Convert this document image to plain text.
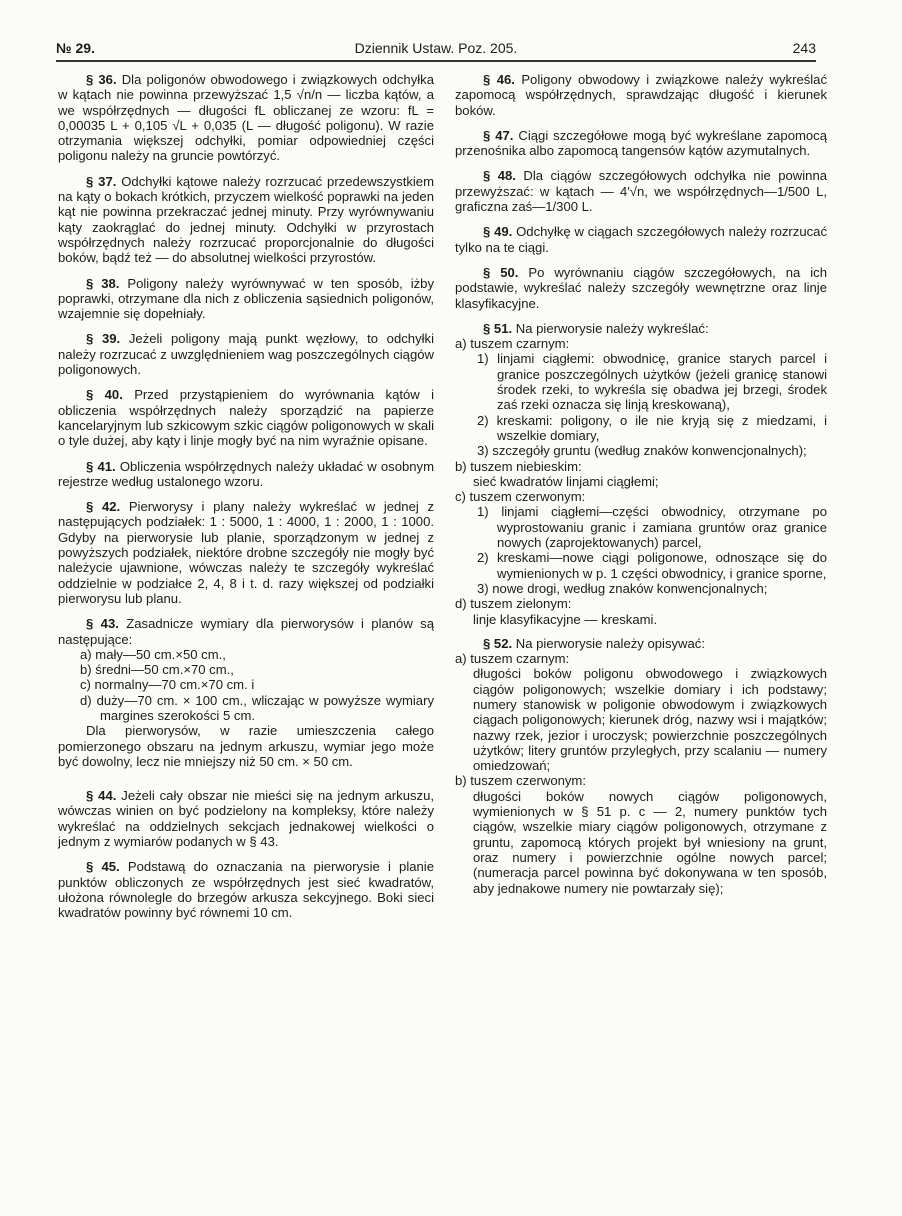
№ 29.	Dziennik Ustaw. Poz. 205.	243

§ 36. Dla poligonów obwodowego i związkowych odchyłka w kątach nie powinna przewyższać 1,5 √n/n — liczba kątów, a we współrzędnych — długości fL obliczanej ze wzoru: fL = 0,00035 L + 0,105 √L + 0,035 (L — długość poligonu). W razie otrzymania większej odchyłki, pomiar odpowiedniej części poligonu należy na gruncie powtórzyć.

§ 37. Odchyłki kątowe należy rozrzucać przedewszystkiem na kąty o bokach krótkich, przyczem wielkość poprawki na jeden kąt nie powinna przekraczać jednej minuty. Przy wyrównywaniu kąty zaokrąglać do jednej minuty. Odchyłki w przyrostach współrzędnych należy rozrzucać proporcjonalnie do długości boków, bądź też — do absolutnej wielkości przyrostów.

§ 38. Poligony należy wyrównywać w ten sposób, iżby poprawki, otrzymane dla nich z obliczenia sąsiednich poligonów, wzajemnie się dopełniały.

§ 39. Jeżeli poligony mają punkt węzłowy, to odchyłki należy rozrzucać z uwzględnieniem wag poszczególnych ciągów poligonowych.

§ 40. Przed przystąpieniem do wyrównania kątów i obliczenia współrzędnych należy sporządzić na papierze kancelaryjnym lub szkicowym szkic ciągów poligonowych w skali o tyle dużej, aby kąty i linje mogły być na nim wyraźnie opisane.

§ 41. Obliczenia współrzędnych należy układać w osobnym rejestrze według ustalonego wzoru.

§ 42. Pierworysy i plany należy wykreślać w jednej z następujących podziałek: 1 : 5000, 1 : 4000, 1 : 2000, 1 : 1000. Gdyby na pierworysie lub planie, sporządzonym w jednej z powyższych podziałek, niektóre drobne szczegóły nie mogły być należycie ujawnione, wówczas należy te szczegóły wykreślać oddzielnie w podziałce 2, 4, 8 i t. d. razy większej od podziałki pierworysu lub planu.

§ 43. Zasadnicze wymiary dla pierworysów i planów są następujące:

a) mały—50 cm.×50 cm.,
b) średni—50 cm.×70 cm.,
c) normalny—70 cm.×70 cm. i
d) duży—70 cm. × 100 cm., wliczając w powyższe wymiary margines szerokości 5 cm.

Dla pierworysów, w razie umieszczenia całego pomierzonego obszaru na jednym arkuszu, wymiar jego może być dowolny, lecz nie mniejszy niż 50 cm. × 50 cm.

§ 44. Jeżeli cały obszar nie mieści się na jednym arkuszu, wówczas winien on być podzielony na kompleksy, które należy wykreślać na oddzielnych sekcjach jednakowej wielkości o jednym z wymiarów podanych w § 43.

§ 45. Podstawą do oznaczania na pierworysie i planie punktów obliczonych ze współrzędnych jest sieć kwadratów, ułożona równolegle do brzegów arkusza sekcyjnego. Boki sieci kwadratów powinny być równemi 10 cm.

§ 46. Poligony obwodowy i związkowe należy wykreślać zapomocą współrzędnych, sprawdzając długość i kierunek boków.

§ 47. Ciągi szczegółowe mogą być wykreślane zapomocą przenośnika albo zapomocą tangensów kątów azymutalnych.

§ 48. Dla ciągów szczegółowych odchyłka nie powinna przewyższać: w kątach — 4′√n, we współrzędnych—1/500 L, graficzna zaś—1/300 L.

§ 49. Odchyłkę w ciągach szczegółowych należy rozrzucać tylko na te ciągi.

§ 50. Po wyrównaniu ciągów szczegółowych, na ich podstawie, wykreślać należy szczegóły wewnętrzne oraz linje klasyfikacyjne.

§ 51. Na pierworysie należy wykreślać:

a) tuszem czarnym:
1) linjami ciągłemi: obwodnicę, granice starych parcel i granice poszczególnych użytków (jeżeli granicę stanowi środek rzeki, to wykreśla się obadwa jej brzegi, środek zaś rzeki oznacza się linją kreskowaną),
2) kreskami: poligony, o ile nie kryją się z miedzami, i wszelkie domiary,
3) szczegóły gruntu (według znaków konwencjonalnych);
b) tuszem niebieskim:
sieć kwadratów linjami ciągłemi;
c) tuszem czerwonym:
1) linjami ciągłemi—części obwodnicy, otrzymane po wyprostowaniu granic i zamiana gruntów oraz granice nowych (zaprojektowanych) parcel,
2) kreskami—nowe ciągi poligonowe, odnoszące się do wymienionych w p. 1 części obwodnicy, i granice sporne,
3) nowe drogi, według znaków konwencjonalnych;
d) tuszem zielonym:
linje klasyfikacyjne — kreskami.

§ 52. Na pierworysie należy opisywać:

a) tuszem czarnym:
długości boków poligonu obwodowego i związkowych ciągów poligonowych; wszelkie domiary i ich podstawy; numery stanowisk w poligonie obwodowym i związkowych ciągach poligonowych; kierunek dróg, nazwy wsi i majątków; nazwy rzek, jezior i uroczysk; powierzchnie poszczególnych użytków; litery gruntów przyległych, przy scalaniu — numery omiedzowań;
b) tuszem czerwonym:
długości boków nowych ciągów poligonowych, wymienionych w § 51 p. c — 2, numery punktów tych ciągów, wszelkie miary ciągów poligonowych, otrzymane z gruntu, zapomocą których projekt był wniesiony na grunt, oraz numery i powierzchnie ogólne nowych parcel; (numeracja parcel powinna być dokonywana w ten sposób, aby jednakowe numery nie powtarzały się);
